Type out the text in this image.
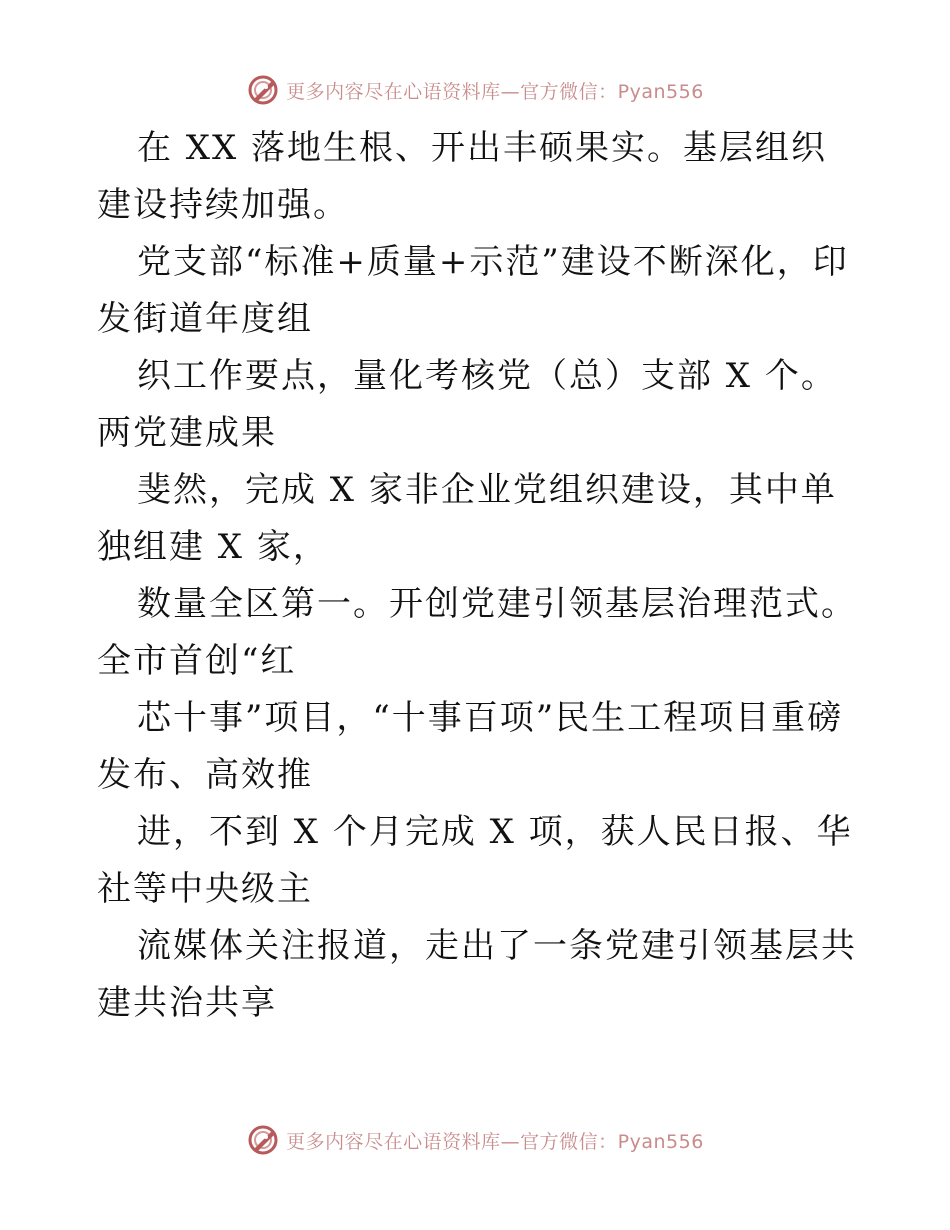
更多内容尽在心语资料库—官方微信：Pyan556

在 XX 落地生根、开出丰硕果实。基层组织建设持续加强。

党支部“标准+质量+示范”建设不断深化，印发街道年度组

织工作要点，量化考核党（总）支部 X 个。两党建成果

斐然，完成 X 家非企业党组织建设，其中单独组建 X 家，

数量全区第一。开创党建引领基层治理范式。全市首创“红

芯十事”项目，“十事百项”民生工程项目重磅发布、高效推

进，不到 X 个月完成 X 项，获人民日报、华社等中央级主

流媒体关注报道，走出了一条党建引领基层共建共治共享

更多内容尽在心语资料库—官方微信：Pyan556
